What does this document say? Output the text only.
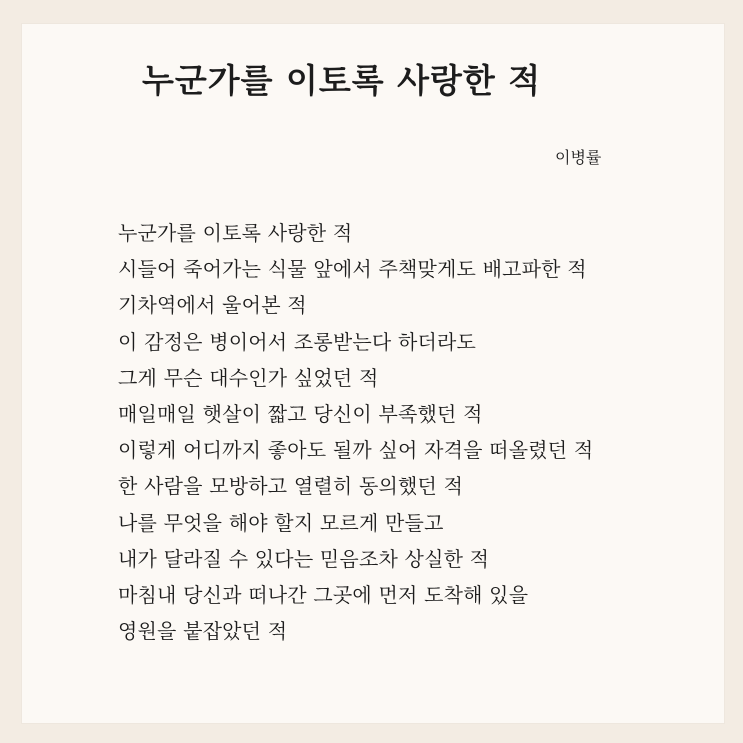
누군가를 이토록 사랑한 적

이병률

누군가를 이토록 사랑한 적
시들어 죽어가는 식물 앞에서 주책맞게도 배고파한 적
기차역에서 울어본 적
이 감정은 병이어서 조롱받는다 하더라도
그게 무슨 대수인가 싶었던 적
매일매일 햇살이 짧고 당신이 부족했던 적
이렇게 어디까지 좋아도 될까 싶어 자격을 떠올렸던 적
한 사람을 모방하고 열렬히 동의했던 적
나를 무엇을 해야 할지 모르게 만들고
내가 달라질 수 있다는 믿음조차 상실한 적
마침내 당신과 떠나간 그곳에 먼저 도착해 있을
영원을 붙잡았던 적
